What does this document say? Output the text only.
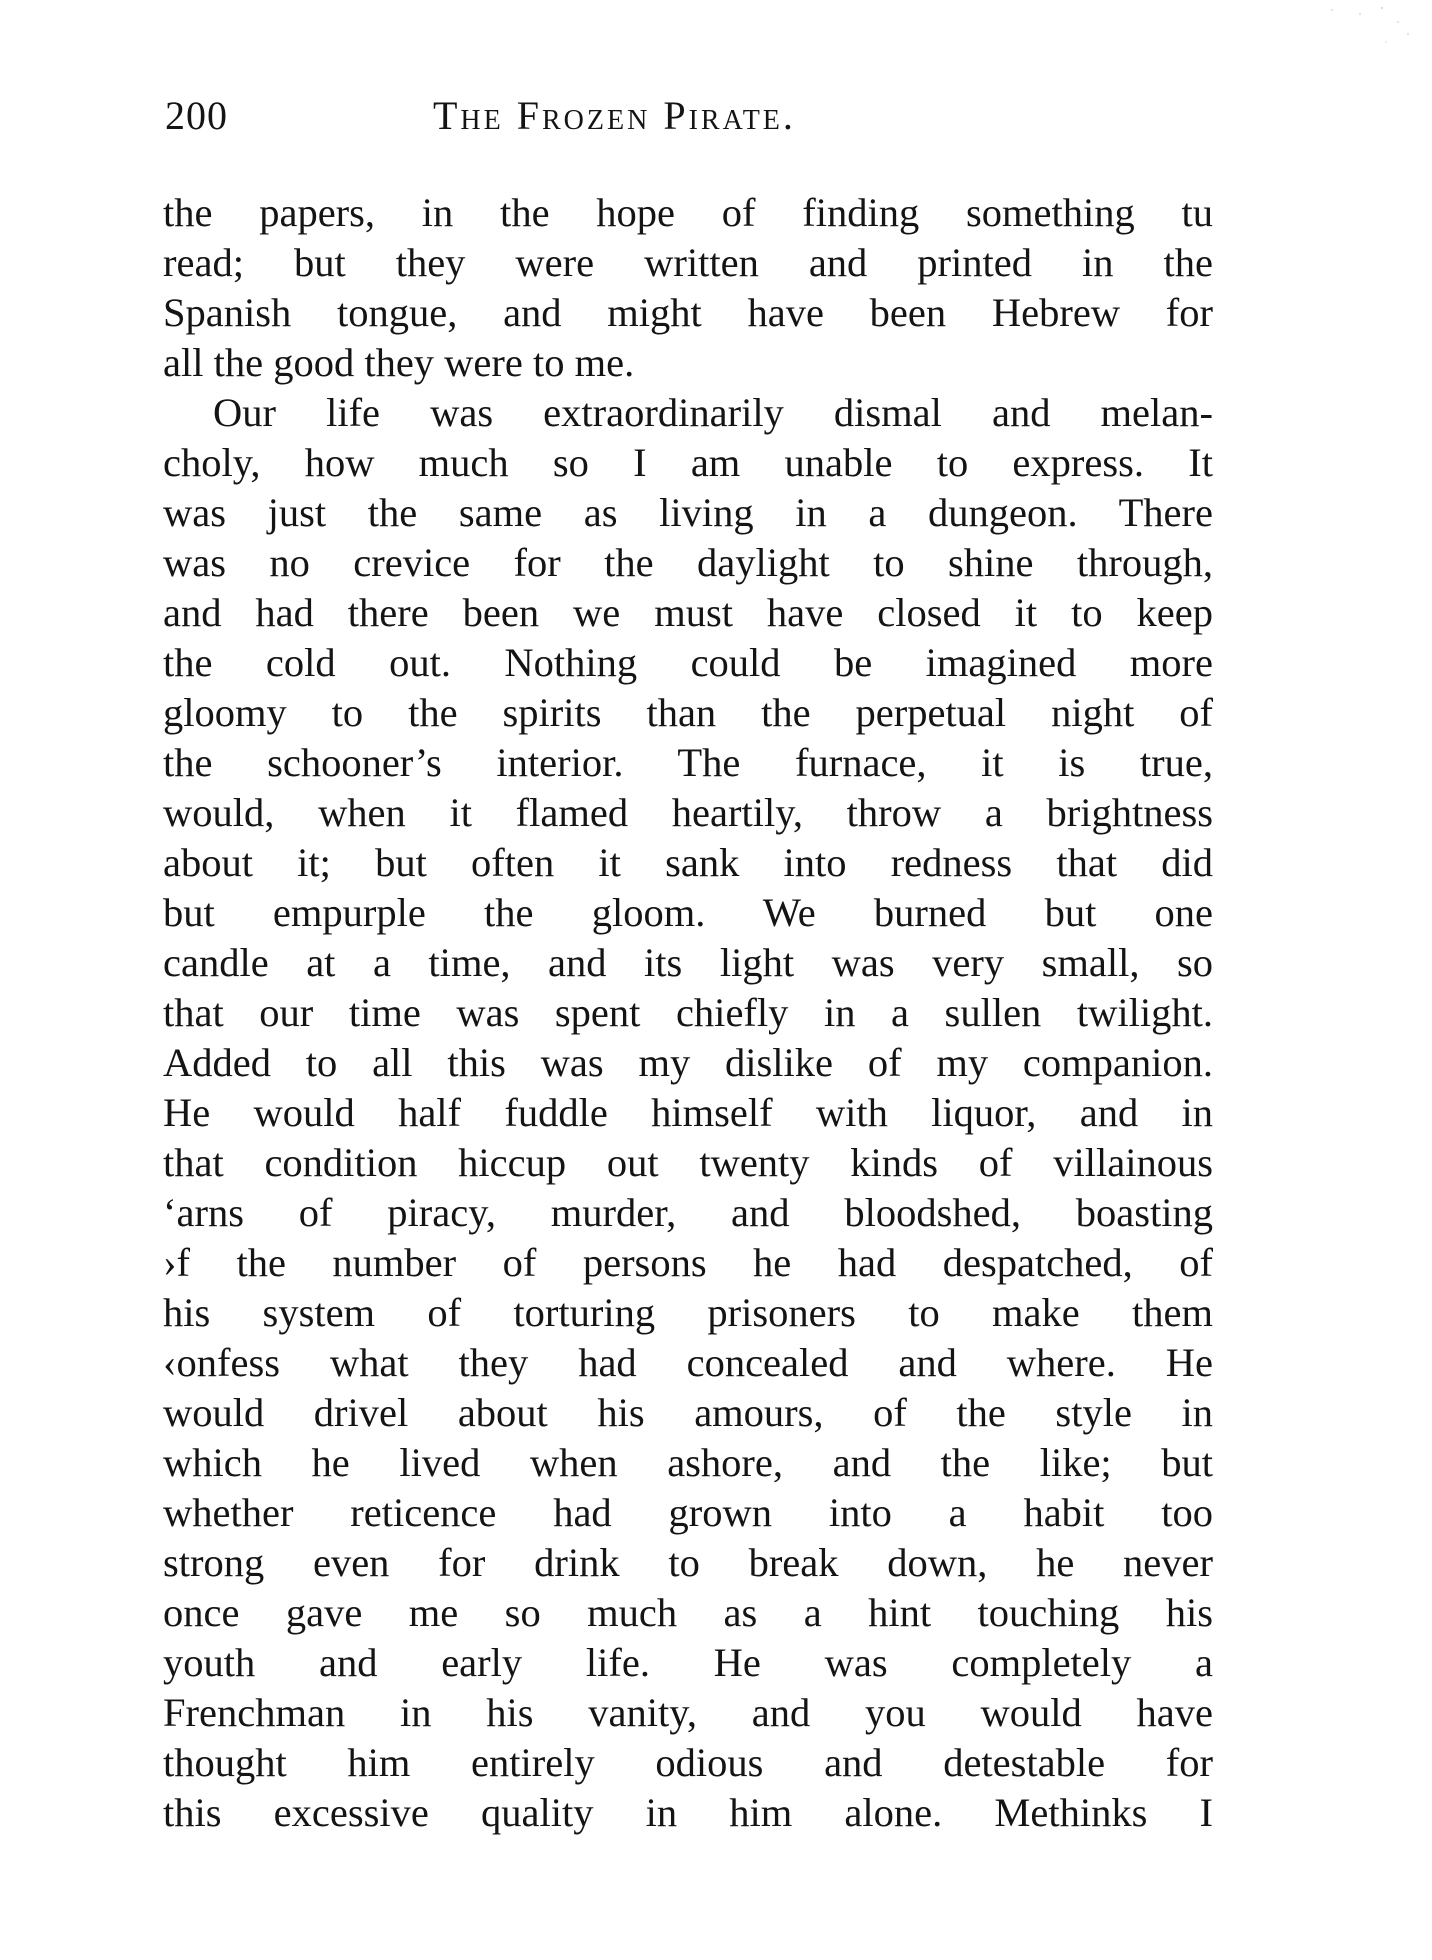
200	The Frozen Pirate.
the papers, in the hope of finding something tu
read; but they were written and printed in the
Spanish tongue, and might have been Hebrew for
all the good they were to me.
Our life was extraordinarily dismal and melan-
choly, how much so I am unable to express. It
was just the same as living in a dungeon. There
was no crevice for the daylight to shine through,
and had there been we must have closed it to keep
the cold out. Nothing could be imagined more
gloomy to the spirits than the perpetual night of
the schooner’s interior. The furnace, it is true,
would, when it flamed heartily, throw a brightness
about it; but often it sank into redness that did
but empurple the gloom. We burned but one
candle at a time, and its light was very small, so
that our time was spent chiefly in a sullen twilight.
Added to all this was my dislike of my companion.
He would half fuddle himself with liquor, and in
that condition hiccup out twenty kinds of villainous
‘arns of piracy, murder, and bloodshed, boasting
›f the number of persons he had despatched, of
his system of torturing prisoners to make them
‹onfess what they had concealed and where. He
would drivel about his amours, of the style in
which he lived when ashore, and the like; but
whether reticence had grown into a habit too
strong even for drink to break down, he never
once gave me so much as a hint touching his
youth and early life. He was completely a
Frenchman in his vanity, and you would have
thought him entirely odious and detestable for
this excessive quality in him alone. Methinks I
